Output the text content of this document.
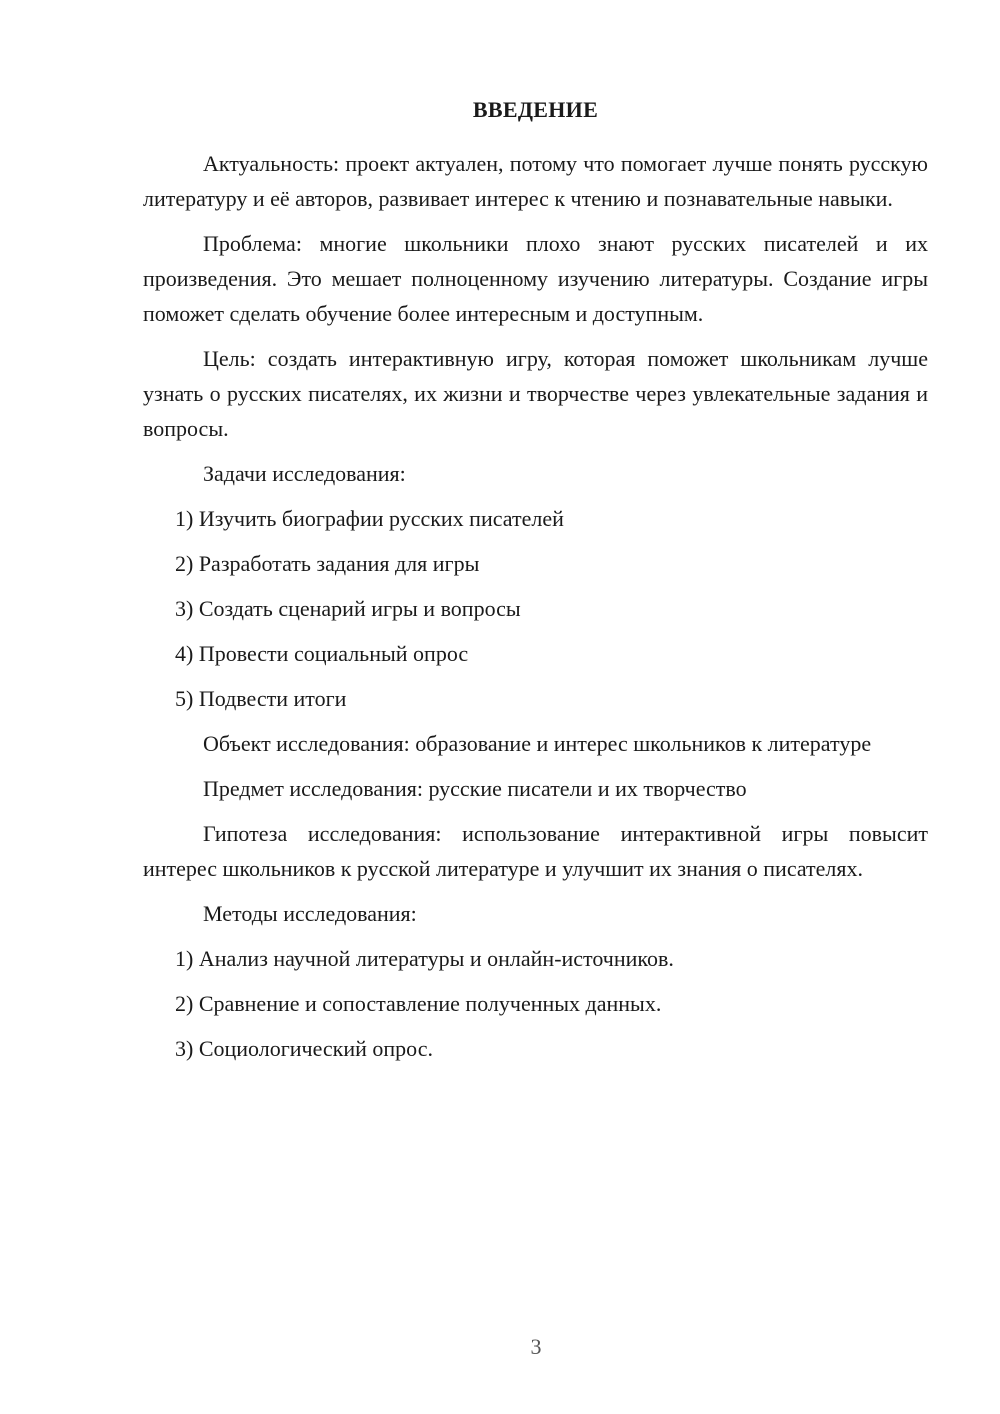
ВВЕДЕНИЕ

Актуальность: проект актуален, потому что помогает лучше понять русскую литературу и её авторов, развивает интерес к чтению и познавательные навыки.

Проблема: многие школьники плохо знают русских писателей и их произведения. Это мешает полноценному изучению литературы. Создание игры поможет сделать обучение более интересным и доступным.

Цель: создать интерактивную игру, которая поможет школьникам лучше узнать о русских писателях, их жизни и творчестве через увлекательные задания и вопросы.

Задачи исследования:

1) Изучить биографии русских писателей

2) Разработать задания для игры

3) Создать сценарий игры и вопросы

4) Провести социальный опрос

5) Подвести итоги

Объект исследования: образование и интерес школьников к литературе

Предмет исследования: русские писатели и их творчество

Гипотеза исследования: использование интерактивной игры повысит интерес школьников к русской литературе и улучшит их знания о писателях.

Методы исследования:

1) Анализ научной литературы и онлайн-источников.

2) Сравнение и сопоставление полученных данных.

3) Социологический опрос.

3
